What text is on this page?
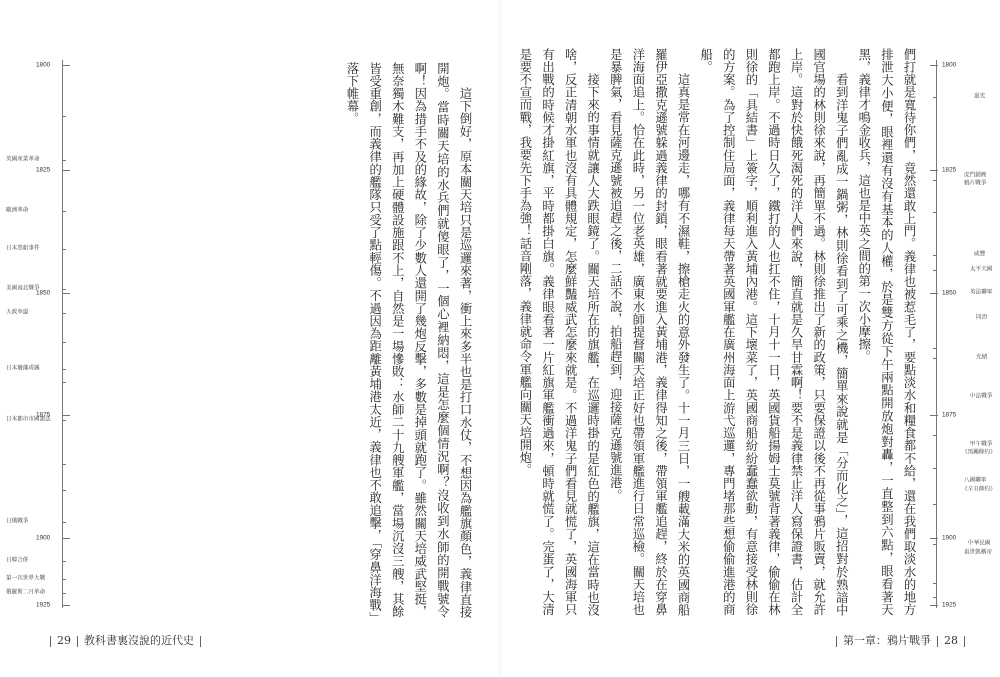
1800
1825
1850
1875
1900
1925
英國產業革命
歐洲革命
日本黑船事件
美國南北戰爭
大政奉還
日本廢藩成縣
日本都市市國憲法
日俄戰爭
日韓合併
第一次世界大戰
俄羅斯二月革命	這下倒好，原本關天培只是巡邏來著，衝上來多半也是打口水仗，不想因為艦旗顏色，義律直接開炮。當時關天培的水兵們就傻眼了，一個心裡納悶，這是怎麼個情況啊？沒收到水師的開戰號令啊！因為措手不及的緣故，除了少數人還開了幾炮反擊，多數是掉頭就跑了。雖然關天培威武堅挺，無奈獨木難支，再加上硬體設施跟不上，自然是一場慘敗：水師二十九艘軍艦，當場沉沒三艘，其餘皆受重創，而義律的艦隊只受了點輕傷。不過因為距離黃埔港太近，義律也不敢追擊，「穿鼻洋海戰」落下帷幕。

29 教科書裏沒說的近代史

們打就是寬待你們，竟然還敢上門。義律也被惹毛了，要點淡水和糧食都不給，還在我們取淡水的地方排泄大小便，眼裡還有沒有基本的人權，於是雙方從下午兩點開放炮對轟，一直整到六點，眼看著天黑，義律才鳴金收兵，這也是中英之間的第一次小摩擦。

看到洋鬼子們亂成一鍋粥，林則徐看到了可乘之機，簡單來說就是「分而化之」，這招對於熟諳中國官場的林則徐來說，再簡單不過。林則徐推出了新的政策，只要保證以後不再從事鴉片販賣，就允許上岸。這對於快餓死渴死的洋人們來說，簡直就是久旱甘霖啊！要不是義律禁止洋人寫保證書，估計全都跑上岸。不過時日久了，鐵打的人也扛不住，十月十一日，英國貨船揚姆士莫號背著義律，偷偷在林則徐的「具結書」上簽字，順利進入黃埔內港。這下壞菜了，英國商船紛紛蠢蠢欲動，有意接受林則徐的方案。為了控制住局面，義律每天帶著英國軍艦在廣州海面上游弋巡邏，專門堵那些想偷偷進港的商船。

這真是常在河邊走，哪有不濕鞋，擦槍走火的意外發生了。十一月三日，一艘載滿大米的英國商船羅伊亞撒克遜號躲過義律的封鎖，眼看著就要進入黃埔港，義律得知之後，帶領軍艦追趕，終於在穿鼻洋海面追上。恰在此時，另一位老英雄，廣東水師提督關天培正好也帶領軍艦進行日常巡檢。關天培也是暴脾氣，看見薩克遜號被追趕之後，二話不說，拍船趕到，迎接薩克遜號進港。

接下來的事情就讓人大跌眼鏡了。關天培所在的旗艦，在巡邏時掛的是紅色的艦旗，這在當時也沒啥，反正清朝水軍也沒有具體規定，怎麼鮮豔威武怎麼來就是。不過洋鬼子們看見就慌了，英國海軍只有出戰的時候才掛紅旗，平時都掛白旗。義律眼看著一片紅旗軍艦衝過來，頓時就慌了。完蛋了，大清是要不宣而戰，我要先下手為強！話音剛落，義律就命令軍艦向關天培開炮。	1800
1825
1850
1875
1900
1925
道光
虎門銷煙
鴉片戰爭
咸豐
太平天國
英法聯軍
同治
光緒
中法戰爭
甲午戰爭
《馬關條約》
八國聯軍
《辛丑條約》
中華民國
袁世凱稱帝
第一章：鴉片戰爭 28
